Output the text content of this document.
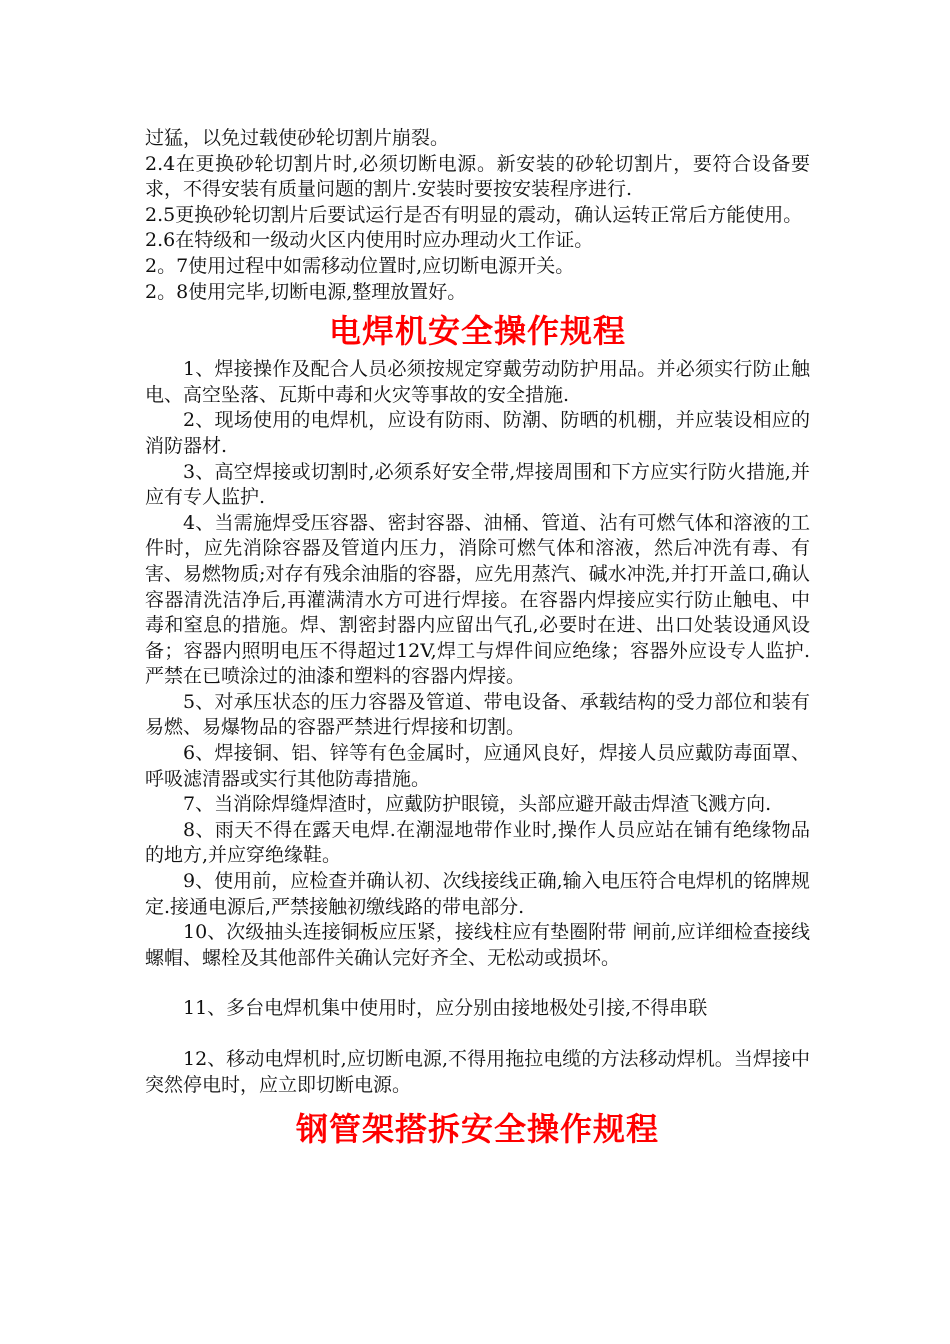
过猛，以免过载使砂轮切割片崩裂。

2.4在更换砂轮切割片时,必须切断电源。新安装的砂轮切割片，要符合设备要求，不得安装有质量问题的割片.安装时要按安装程序进行.

2.5更换砂轮切割片后要试运行是否有明显的震动，确认运转正常后方能使用。

2.6在特级和一级动火区内使用时应办理动火工作证。

2。7使用过程中如需移动位置时,应切断电源开关。

2。8使用完毕,切断电源,整理放置好。

电焊机安全操作规程

1、焊接操作及配合人员必须按规定穿戴劳动防护用品。并必须实行防止触电、高空坠落、瓦斯中毒和火灾等事故的安全措施.

2、现场使用的电焊机，应设有防雨、防潮、防晒的机棚，并应装设相应的消防器材.

3、高空焊接或切割时,必须系好安全带,焊接周围和下方应实行防火措施,并应有专人监护.

4、当需施焊受压容器、密封容器、油桶、管道、沾有可燃气体和溶液的工件时，应先消除容器及管道内压力，消除可燃气体和溶液，然后冲洗有毒、有害、易燃物质;对存有残余油脂的容器，应先用蒸汽、碱水冲洗,并打开盖口,确认容器清洗洁净后,再灌满清水方可进行焊接。在容器内焊接应实行防止触电、中毒和窒息的措施。焊、割密封器内应留出气孔,必要时在进、出口处装设通风设备；容器内照明电压不得超过12V,焊工与焊件间应绝缘；容器外应设专人监护.严禁在已喷涂过的油漆和塑料的容器内焊接。

5、对承压状态的压力容器及管道、带电设备、承载结构的受力部位和装有易燃、易爆物品的容器严禁进行焊接和切割。

6、焊接铜、铝、锌等有色金属时，应通风良好，焊接人员应戴防毒面罩、呼吸滤清器或实行其他防毒措施。

7、当消除焊缝焊渣时，应戴防护眼镜，头部应避开敲击焊渣飞溅方向.

8、雨天不得在露天电焊.在潮湿地带作业时,操作人员应站在铺有绝缘物品的地方,并应穿绝缘鞋。

9、使用前，应检查并确认初、次线接线正确,输入电压符合电焊机的铭牌规定.接通电源后,严禁接触初缴线路的带电部分.

10、次级抽头连接铜板应压紧，接线柱应有垫圈附带 闸前,应详细检查接线螺帽、螺栓及其他部件关确认完好齐全、无松动或损坏。

11、多台电焊机集中使用时，应分别由接地极处引接,不得串联

12、移动电焊机时,应切断电源,不得用拖拉电缆的方法移动焊机。当焊接中突然停电时，应立即切断电源。

钢管架搭拆安全操作规程
